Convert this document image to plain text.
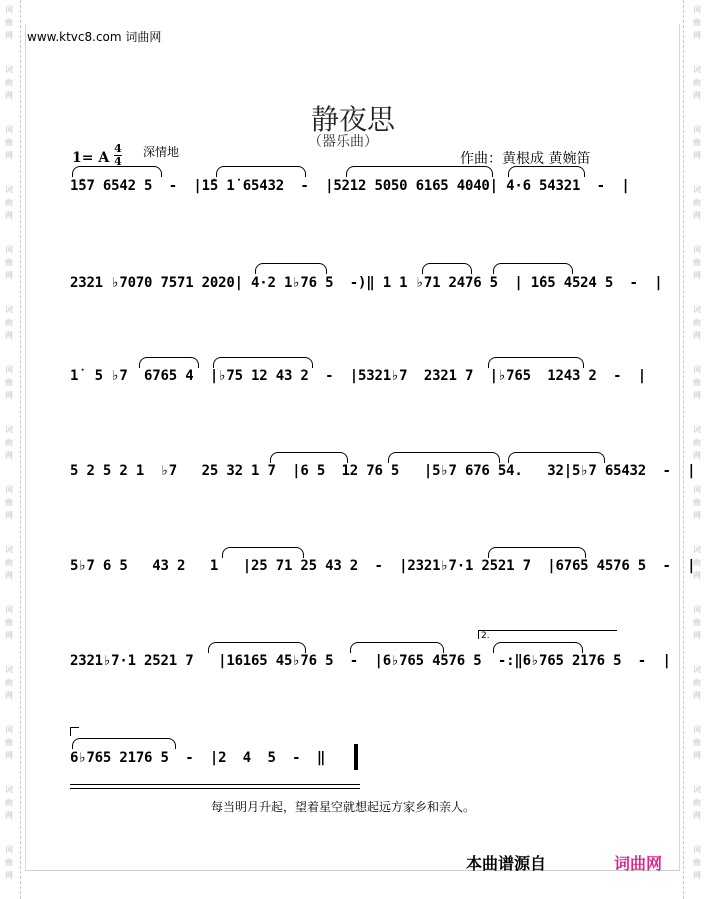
词
曲
网
词
曲
网
词
曲
网
词
曲
网
词
曲
网
词
曲
网
词
曲
网
词
曲
网
词
曲
网
词
曲
网
词
曲
网
词
曲
网
词
曲
网
词
曲
网
词
曲
网
词
曲
网
词
曲
网
词
曲
网
词
曲
网
词
曲
网
词
曲
网
词
曲
网
词
曲
网
词
曲
网
词
曲
网
词
曲
网
词
曲
网
词
曲
网
词
曲
网
词
曲
网
www.ktvc8.com 词曲网
静夜思
（器乐曲）
1= A
4
4
深情地	作曲：黄根成 黄婉笛
1̇57 6542 5  -  |1̇5 1̇ 65432  -  |5212 5050 6165 4040| 4·6 54321  -  |
2321 ♭7070 7571 2020| 4·2 1♭76 5  -)‖ 1 1 ♭71 2476 5  | 1̇65 4524 5  -  |
1̇  5 ♭7  6765 4  |♭75 12 43 2  -  |5321♭7  2321 7  |♭765  1243 2  -  |
5 2 5 2 1  ♭7   25 32 1 7  |6 5  12 76 5   |5♭7 676 54.   32|5♭7 65432  -  |
5♭7 6 5   43 2   1   |25 71 25 43 2  -  |2321♭7·1 2521 7  |6765 4576 5  -  |
2321♭7·1 2521 7   |16165 45♭76 5  -  |6♭765 4576 5  -:‖6♭765 2176 5  -  |
6♭765 2176 5  -  |2  4  5  -  ‖
2.
每当明月升起，望着星空就想起远方家乡和亲人。
本曲谱源自	词曲网
